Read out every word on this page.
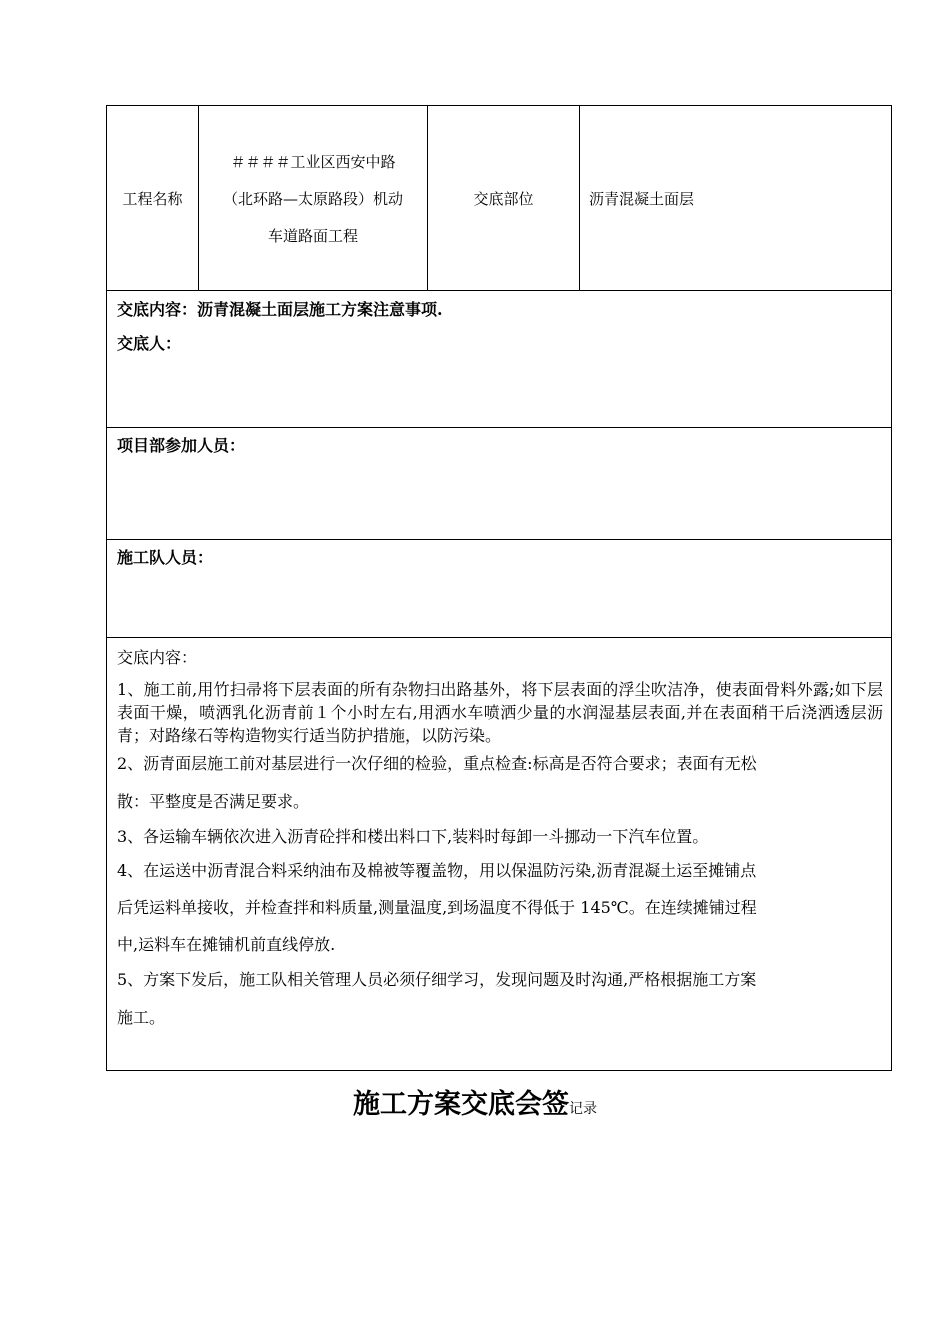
工程名称
＃＃＃＃工业区西安中路
（北环路—太原路段）机动
车道路面工程
交底部位	沥青混凝土面层
交底内容：沥青混凝土面层施工方案注意事项.
交底人：
项目部参加人员：
施工队人员：
交底内容：
1、施工前,用竹扫帚将下层表面的所有杂物扫出路基外，将下层表面的浮尘吹洁净，使表面骨料外露;如下层表面干燥，喷洒乳化沥青前１个小时左右,用洒水车喷洒少量的水润湿基层表面,并在表面稍干后浇洒透层沥青；对路缘石等构造物实行适当防护措施，以防污染。
2、沥青面层施工前对基层进行一次仔细的检验，重点检查:标高是否符合要求；表面有无松
散：平整度是否满足要求。
3、各运输车辆依次进入沥青砼拌和楼出料口下,装料时每卸一斗挪动一下汽车位置。
4、在运送中沥青混合料采纳油布及棉被等覆盖物，用以保温防污染,沥青混凝土运至摊铺点
后凭运料单接收，并检查拌和料质量,测量温度,到场温度不得低于 145℃。在连续摊铺过程
中,运料车在摊铺机前直线停放.
5、方案下发后，施工队相关管理人员必须仔细学习，发现问题及时沟通,严格根据施工方案
施工。
施工方案交底会签记录
